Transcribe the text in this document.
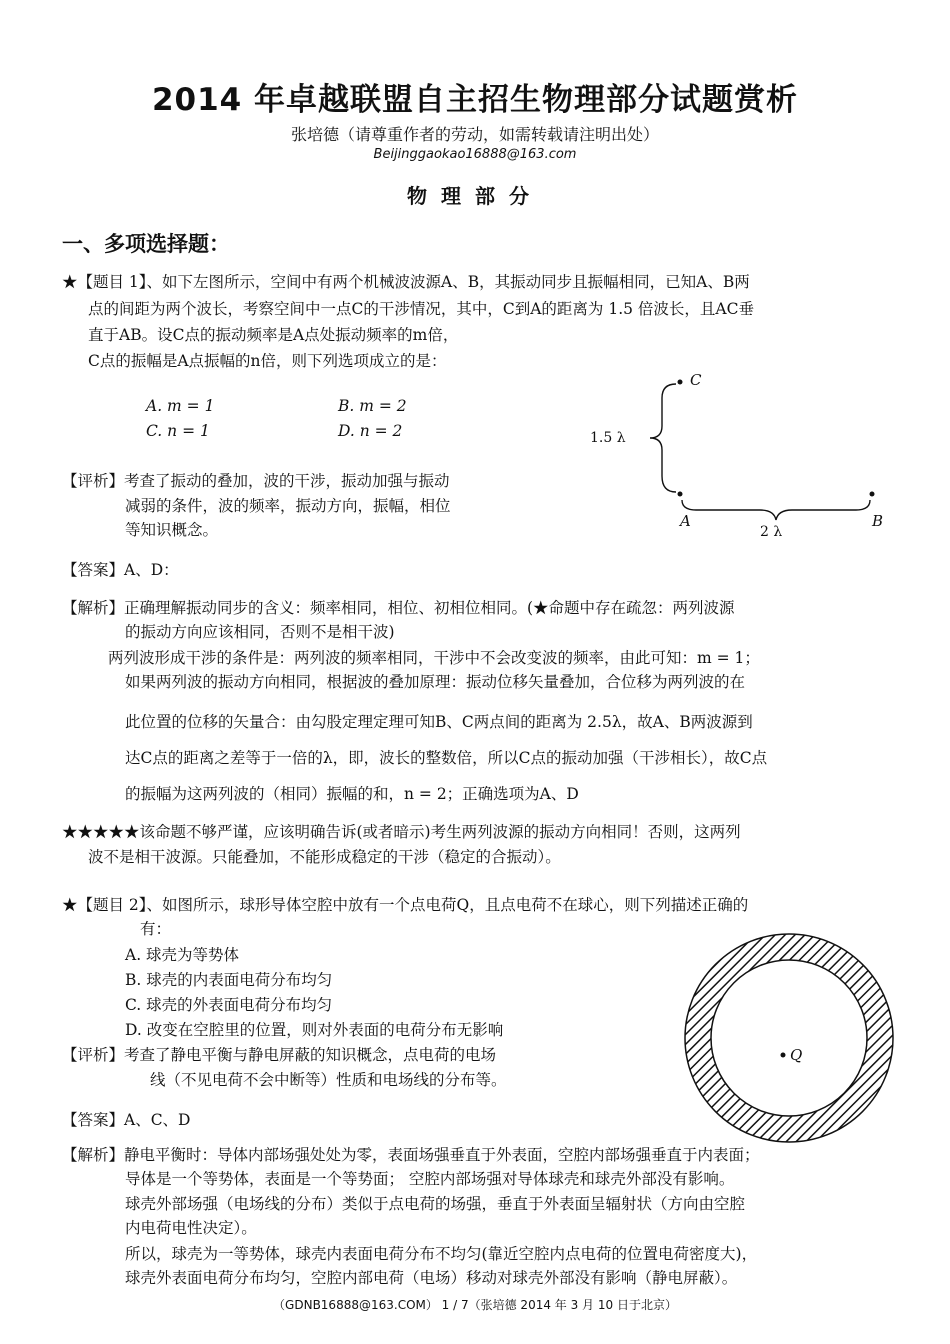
2014 年卓越联盟自主招生物理部分试题赏析
张培德（请尊重作者的劳动，如需转载请注明出处）
Beijinggaokao16888@163.com
物理部分
一、多项选择题：
★【题目 1】、如下左图所示，空间中有两个机械波波源A、B，其振动同步且振幅相同，已知A、B两
点的间距为两个波长，考察空间中一点C的干涉情况，其中，C到A的距离为 1.5 倍波长，且AC垂
直于AB。设C点的振动频率是A点处振动频率的m倍，
C点的振幅是A点振幅的n倍，则下列选项成立的是：
A. m = 1	B. m = 2
C. n = 1	D. n = 2
【评析】考查了振动的叠加，波的干涉，振动加强与振动
减弱的条件，波的频率，振动方向，振幅，相位
等知识概念。
【答案】A、D：
【解析】正确理解振动同步的含义：频率相同，相位、初相位相同。(★命题中存在疏忽：两列波源
的振动方向应该相同，否则不是相干波)
两列波形成干涉的条件是：两列波的频率相同，干涉中不会改变波的频率，由此可知：m = 1；
如果两列波的振动方向相同，根据波的叠加原理：振动位移矢量叠加，合位移为两列波的在
此位置的位移的矢量合：由勾股定理定理可知B、C两点间的距离为 2.5λ，故A、B两波源到
达C点的距离之差等于一倍的λ，即，波长的整数倍，所以C点的振动加强（干涉相长），故C点
的振幅为这两列波的（相同）振幅的和，n = 2；正确选项为A、D
★★★★★该命题不够严谨，应该明确告诉(或者暗示)考生两列波源的振动方向相同！否则，这两列
波不是相干波源。只能叠加，不能形成稳定的干涉（稳定的合振动）。
C
A	B
1.5 λ
2 λ
★【题目 2】、如图所示，球形导体空腔中放有一个点电荷Q，且点电荷不在球心，则下列描述正确的
有：
A. 球壳为等势体
B. 球壳的内表面电荷分布均匀
C. 球壳的外表面电荷分布均匀
D. 改变在空腔里的位置，则对外表面的电荷分布无影响
【评析】考查了静电平衡与静电屏蔽的知识概念，点电荷的电场
线（不见电荷不会中断等）性质和电场线的分布等。
【答案】A、C、D
【解析】静电平衡时：导体内部场强处处为零，表面场强垂直于外表面，空腔内部场强垂直于内表面；
导体是一个等势体，表面是一个等势面； 空腔内部场强对导体球壳和球壳外部没有影响。
球壳外部场强（电场线的分布）类似于点电荷的场强，垂直于外表面呈辐射状（方向由空腔
内电荷电性决定）。
所以，球壳为一等势体，球壳内表面电荷分布不均匀(靠近空腔内点电荷的位置电荷密度大)，
球壳外表面电荷分布均匀，空腔内部电荷（电场）移动对球壳外部没有影响（静电屏蔽）。
Q
（GDNB16888@163.COM） 1 / 7（张培德 2014 年 3 月 10 日于北京）
